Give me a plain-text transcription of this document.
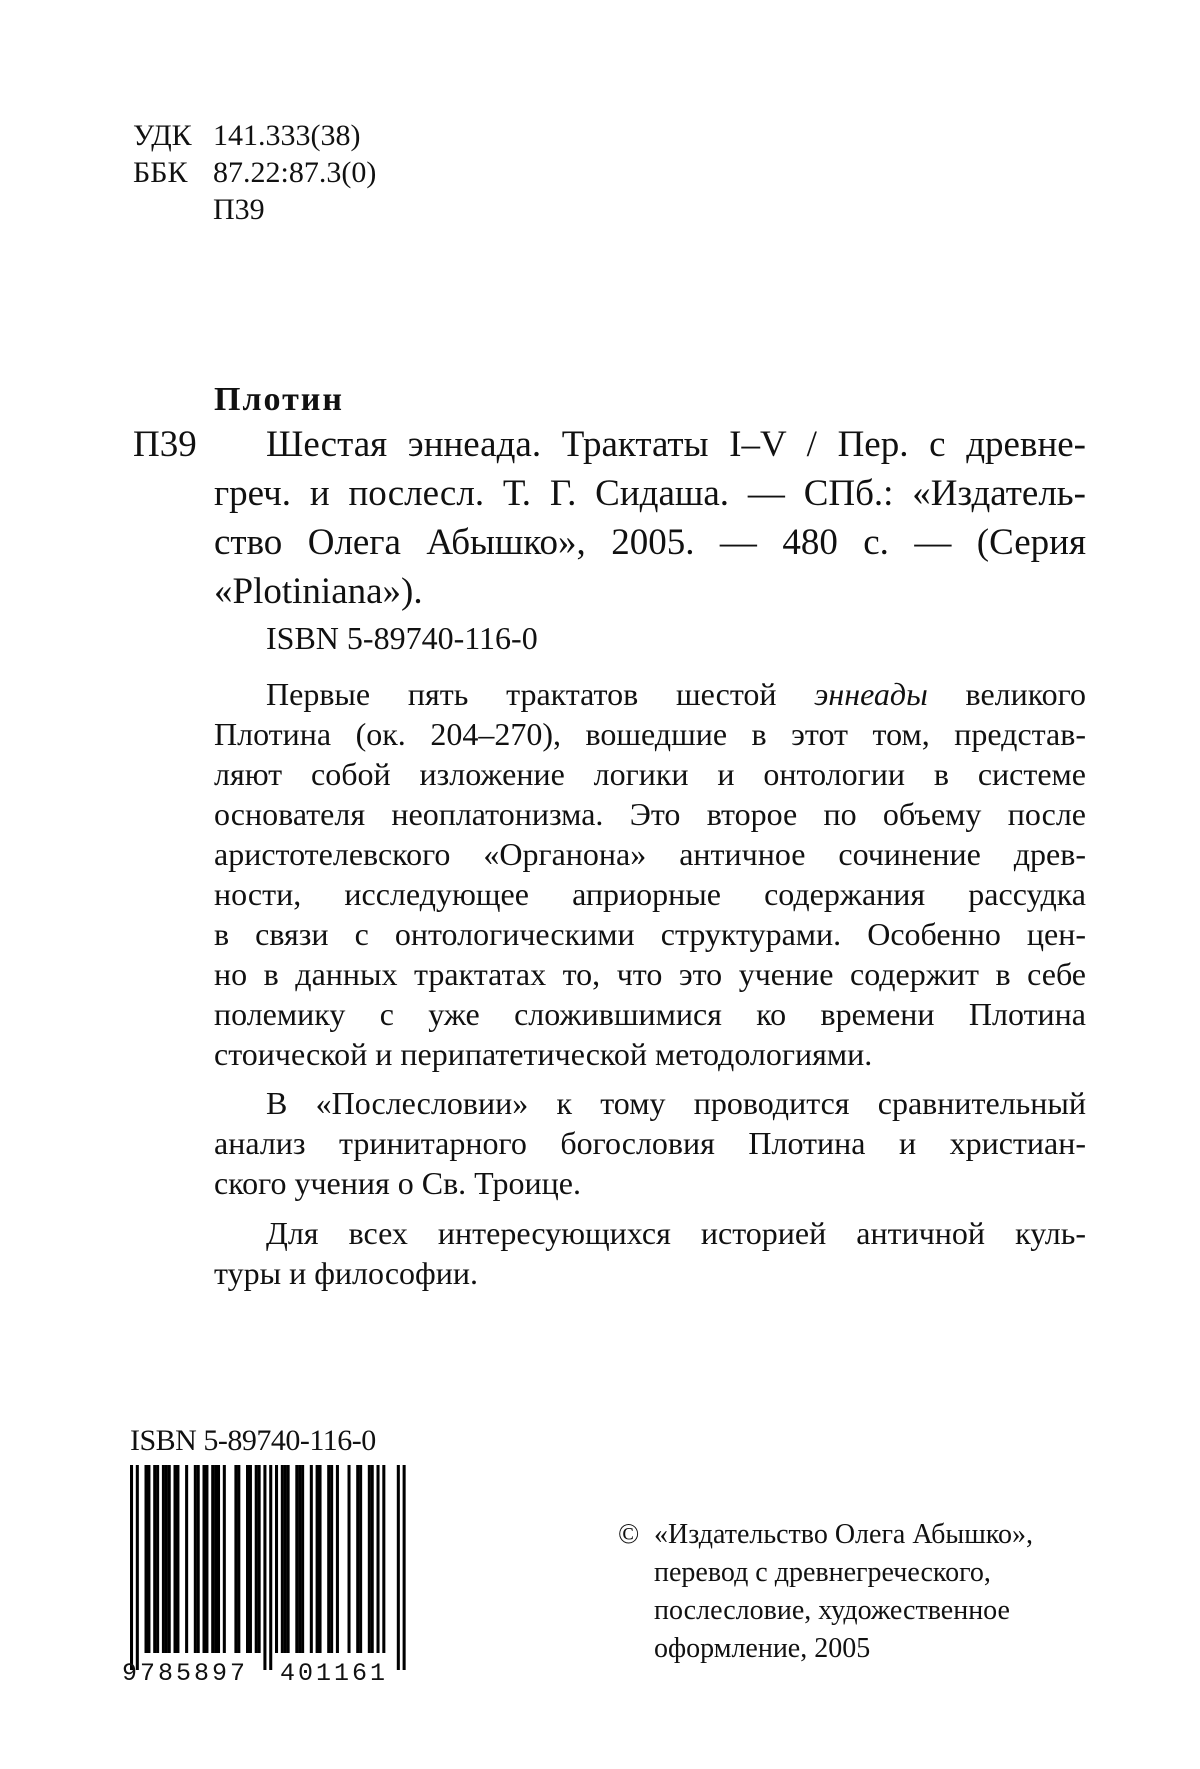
УДК 141.333(38)
ББК 87.22:87.3(0)
П39
Плотин
П39 Шестая эннеада. Трактаты I–V / Пер. с древне-
греч. и послесл. Т. Г. Сидаша. — СПб.: «Издатель-
ство Олега Абышко», 2005. — 480 с. — (Серия
«Plotiniana»).
ISBN 5-89740-116-0
Первые пять трактатов шестой эннеады великого
Плотина (ок. 204–270), вошедшие в этот том, представ-
ляют собой изложение логики и онтологии в системе
основателя неоплатонизма. Это второе по объему после
аристотелевского «Органона» античное сочинение древ-
ности, исследующее априорные содержания рассудка
в связи с онтологическими структурами. Особенно цен-
но в данных трактатах то, что это учение содержит в себе
полемику с уже сложившимися ко времени Плотина
стоической и перипатетической методологиями.
В «Послесловии» к тому проводится сравнительный
анализ тринитарного богословия Плотина и христиан-
ского учения о Св. Троице.
Для всех интересующихся историей античной куль-
туры и философии.
ISBN 5-89740-116-0
9 785897 401161
© «Издательство Олега Абышко»,
перевод с древнегреческого,
послесловие, художественное
оформление, 2005
